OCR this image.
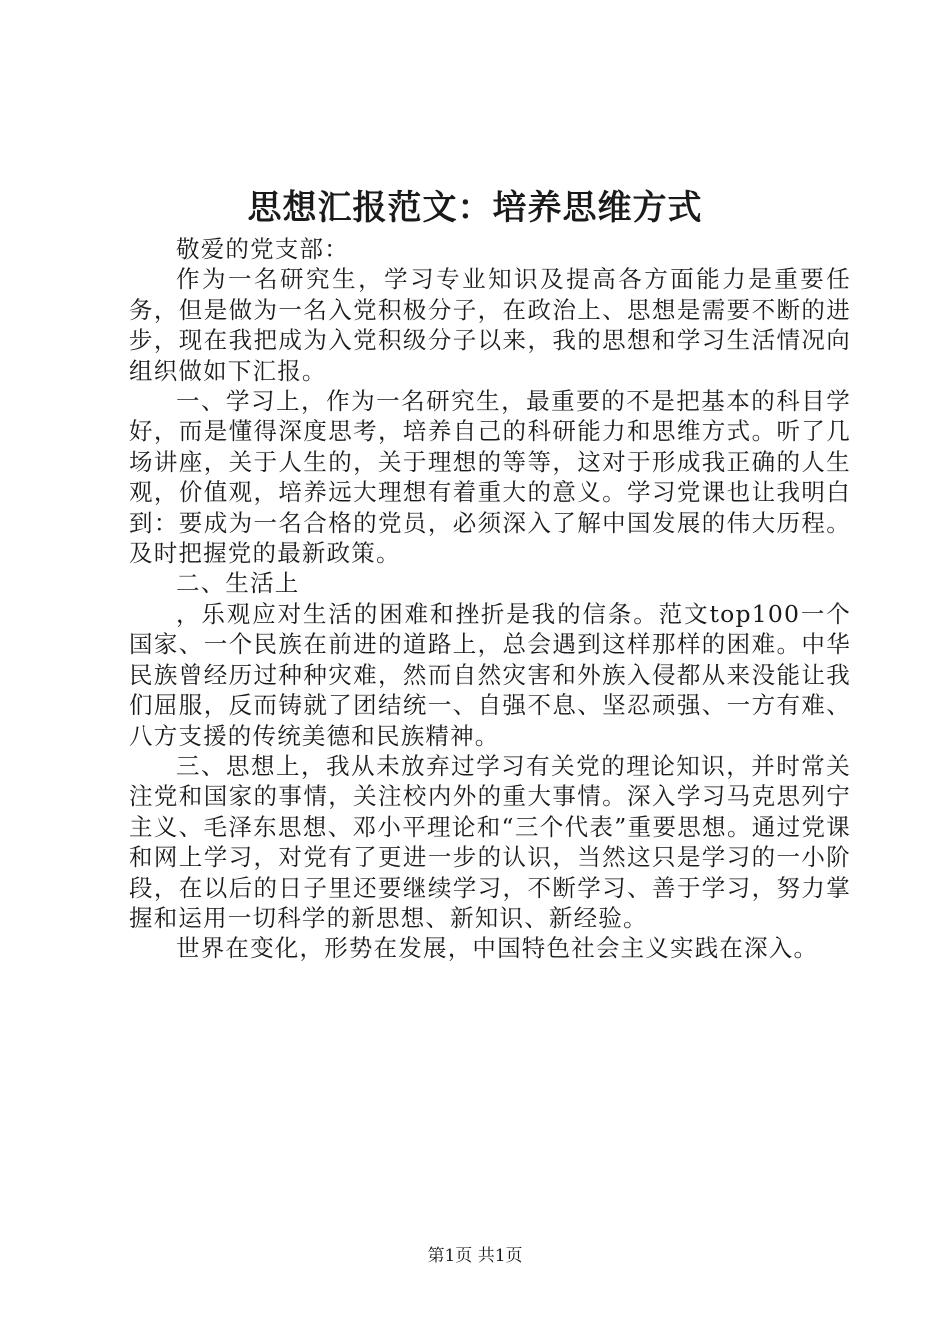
思想汇报范文：培养思维方式

敬爱的党支部：

作为一名研究生，学习专业知识及提高各方面能力是重要任务，但是做为一名入党积极分子，在政治上、思想是需要不断的进步，现在我把成为入党积级分子以来，我的思想和学习生活情况向组织做如下汇报。

一、学习上，作为一名研究生，最重要的不是把基本的科目学好，而是懂得深度思考，培养自己的科研能力和思维方式。听了几场讲座，关于人生的，关于理想的等等，这对于形成我正确的人生观，价值观，培养远大理想有着重大的意义。学习党课也让我明白到：要成为一名合格的党员，必须深入了解中国发展的伟大历程。及时把握党的最新政策。

二、生活上

，乐观应对生活的困难和挫折是我的信条。范文top100一个国家、一个民族在前进的道路上，总会遇到这样那样的困难。中华民族曾经历过种种灾难，然而自然灾害和外族入侵都从来没能让我们屈服，反而铸就了团结统一、自强不息、坚忍顽强、一方有难、八方支援的传统美德和民族精神。

三、思想上，我从未放弃过学习有关党的理论知识，并时常关注党和国家的事情，关注校内外的重大事情。深入学习马克思列宁主义、毛泽东思想、邓小平理论和“三个代表”重要思想。通过党课和网上学习，对党有了更进一步的认识，当然这只是学习的一小阶段，在以后的日子里还要继续学习，不断学习、善于学习，努力掌握和运用一切科学的新思想、新知识、新经验。

世界在变化，形势在发展，中国特色社会主义实践在深入。

第1页 共1页
